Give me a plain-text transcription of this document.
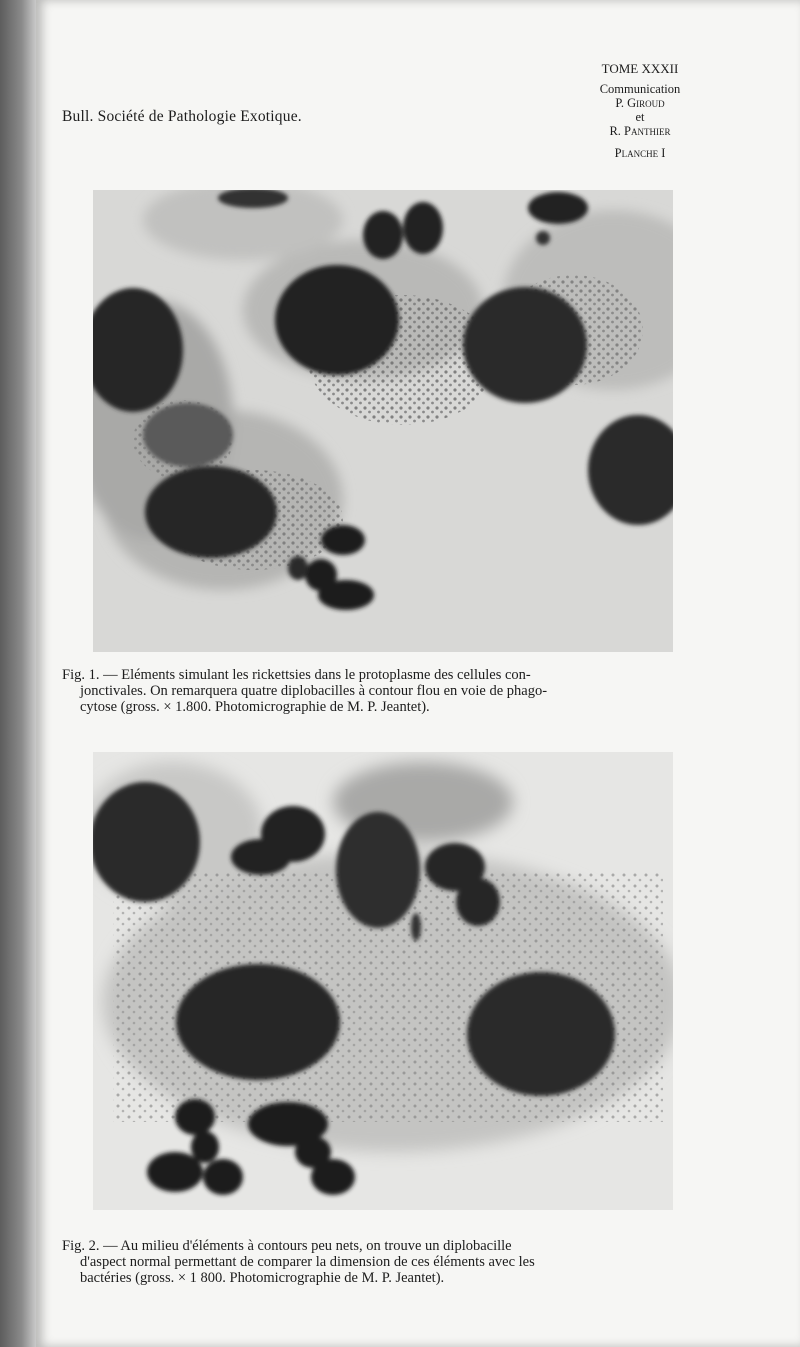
Bull. Société de Pathologie Exotique.
TOME XXXII
Communication
P. Giroud
et
R. Panthier
Planche I
Fig. 1. — Eléments simulant les rickettsies dans le protoplasme des cellules con-
jonctivales. On remarquera quatre diplobacilles à contour flou en voie de phago-
cytose (gross. × 1.800. Photomicrographie de M. P. Jeantet).
Fig. 2. — Au milieu d'éléments à contours peu nets, on trouve un diplobacille
d'aspect normal permettant de comparer la dimension de ces éléments avec les
bactéries (gross. × 1 800. Photomicrographie de M. P. Jeantet).
